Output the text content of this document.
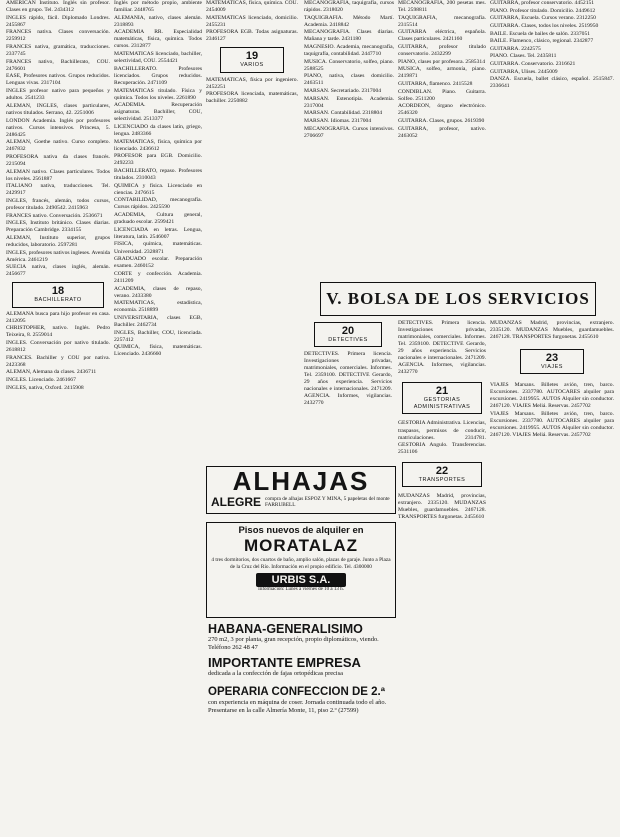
AMERICAN Instituto. Inglés sin profesor. Clases en grupo. Tel. 2434312

INGLES rápido, fácil. Diplomado Londres. 2455867

FRANCES nativa. Clases conversación. 2259912

FRANCES nativa, gramática, traducciones. 2337745

FRANCES nativo, Bachillerato, COU. 2476601

EASE, Profesores nativos. Grupos reducidos. Lenguas vivas. 2317104

INGLES profesor nativo para pequeños y adultos. 2541233

ALEMAN, INGLES, clases particulares, nativos titulados. Serrano, 42. 2251006

LONDON Academia. Inglés por profesores nativos. Cursos intensivos. Princesa, 5. 2486425

ALEMAN, Goethe nativo. Curso completo. 2467832

PROFESORA nativa da clases francés. 2215094

ALEMAN nativo. Clases particulares. Todos los niveles. 2561887

ITALIANO nativa, traducciones. Tel. 2429917

INGLES, francés, alemán, todos cursos, profesor titulado. 2490542. 2415963

FRANCES nativo. Conversación. 2536671

INGLES, Instituto británico. Clases diarias. Preparación Cambridge. 2334155

ALEMAN, Instituto superior, grupos reducidos, laboratorio. 2597281

INGLES, profesores nativos ingleses. Avenida América. 2461219

SUECIA nativa, clases inglés, alemán. 2456677

18
BACHILLERATO

ALEMANA busca para hijo profesor en casa. 2412095

CHRISTOPHER, nativo. Inglés. Pedro Teixeira, 8. 2559014

INGLES. Conversación por nativo titulado. 2618812

FRANCES. Bachiller y COU por nativa. 2423368

ALEMAN, Alemana da clases. 2436711

INGLES. Licenciado. 2461667

INGLES, nativa, Oxford. 2415908

Inglés por método propio, ambiente familiar. 2448765

ALEMANIA, nativo, clases alemán. 2318893

ACADEMIA RR. Especialidad matemáticas, física, química. Todos cursos. 2312877

MATEMATICAS licenciado, bachiller, selectividad, COU. 2554421

BACHILLERATO. Profesores licenciados. Grupos reducidos. Recuperación. 2471109

MATEMATICAS titulado. Física y química. Todos los niveles. 2261890

ACADEMIA. Recuperación asignaturas. Bachiller, COU, selectividad. 2513377

LICENCIADO da clases latín, griego, lengua. 2483366

MATEMATICAS, física, química por licenciado. 2436612

PROFESOR para EGB. Domicilio. 2492233

BACHILLERATO, repaso. Profesores titulados. 2310043

QUIMICA y física. Licenciado en ciencias. 2476615

CONTABILIDAD, mecanografía. Cursos rápidos. 2425590

ACADEMIA, Cultura general, graduado escolar. 2599421

LICENCIADA en letras. Lengua, literatura, latín. 2546007

FISICA, química, matemáticas. Universidad. 2328871

GRADUADO escolar. Preparación examen. 2460152

CORTE y confección. Academia. 2411209

ACADEMIA, clases de repaso, verano. 2433380

MATEMATICAS, estadística, economía. 2518899

UNIVERSITARIA, clases EGB, Bachiller. 2462734

INGLES, Bachiller, COU, licenciada. 2257412

QUIMICA, física, matemáticas. Licenciado. 2436660

MATEMATICAS, física, química. COU. 2454009

MATEMATICAS licenciado, domicilio. 2455231

PROFESORA EGB. Todas asignaturas. 2346127

19
VARIOS

MATEMATICAS, física por ingeniero. 2452251

PROFESORA licenciada, matemáticas, bachiller. 2250882

MECANOGRAFIA, taquigrafía, cursos rápidos. 2318020

TAQUIGRAFIA. Método Martí. Academia. 2418842

MECANOGRAFIA. Clases diarias. Mañana y tarde. 2431180

MAGNESIO. Academia, mecanografía, taquigrafía, contabilidad. 2447710

MUSICA. Conservatorio, solfeo, piano. 2588525

PIANO, nativa, clases domicilio. 2463511

MARSAN. Secretariado. 2317004

MARSAN. Estenotipia. Academia. 2317004

MARSAN. Contabilidad. 2318804

MARSAN. Idiomas. 2317004

MECANOGRAFIA. Cursos intensivos. 2706697

MECANOGRAFIA, 200 pesetas mes. Tel. 2598811

TAQUIGRAFIA, mecanografía. 2315514

GUITARRA eléctrica, española. Clases particulares. 2421160

GUITARRA, profesor titulado conservatorio. 2432299

PIANO, clases por profesora. 2585314

MUSICA, solfeo, armonía, piano. 2419871

GUITARRA, flamenco. 2415528

CONDIBLAN. Piano. Guitarra. Solfeo. 2511200

ACORDEON, órgano electrónico. 2546320

GUITARRA. Clases, grupos. 2619390

GUITARRA, profesor, nativo. 2463052

GUITARRA, profesor conservatorio. 4452151

PIANO. Profesor titulado. Domicilio. 2449612

GUITARRA, Escuela. Cursos verano. 2312250

GUITARRA. Clases, todos los niveles. 2519950

BAILE. Escuela de bailes de salón. 2337051

BAILE. Flamenco, clásico, regional. 2342877

GUITARRA. 2242575

PIANO. Clases. Tel. 2435811

GUITARRA. Conservatorio. 2316621

GUITARRA, Ulises. 2445009

DANZA. Escuela, ballet clásico, español. 2515847. 2336641

V. BOLSA DE LOS SERVICIOS
20
DETECTIVES

DETECTIVES. Primera licencia. Investigaciones privadas, matrimoniales, comerciales. Informes. Tel. 2359100. DETECTIVE Gerardo, 29 años experiencia. Servicios nacionales e internacionales. 2471209. AGENCIA. Informes, vigilancias. 2432770

DETECTIVES. Primera licencia. Investigaciones privadas, matrimoniales, comerciales. Informes. Tel. 2359100. DETECTIVE Gerardo, 29 años experiencia. Servicios nacionales e internacionales. 2471209. AGENCIA. Informes, vigilancias. 2432770

21
GESTORIAS ADMINISTRATIVAS

GESTORIA Administrativa. Licencias, traspasos, permisos de conducir, matriculaciones. 2314781. GESTORIA Angulo. Transferencias. 2531106

22
TRANSPORTES

MUDANZAS Madrid, provincias, extranjero. 2335120. MUDANZAS Muebles, guardamuebles. 2467128. TRANSPORTES furgonetas. 2455610

MUDANZAS Madrid, provincias, extranjero. 2335120. MUDANZAS Muebles, guardamuebles. 2467128. TRANSPORTES furgonetas. 2455610

23
VIAJES

VIAJES Marsans. Billetes avión, tren, barco. Excursiones. 2337780. AUTOCARES alquiler para excursiones. 2419955. AUTOS Alquiler sin conductor. 2467120. VIAJES Meliá. Reservas. 2457702

VIAJES Marsans. Billetes avión, tren, barco. Excursiones. 2337780. AUTOCARES alquiler para excursiones. 2419955. AUTOS Alquiler sin conductor. 2467120. VIAJES Meliá. Reservas. 2457702

ALHAJAS
ALEGRE compra de alhajas ESPOZ Y MINA, 5 papeletas del monte FARRUBELL
Pisos nuevos de alquiler en
MORATALAZ
4 tres dormitorios, dos cuartos de baño, amplio salón, plazas de garaje. Junto a Plaza de la Cruz del Río. Información en el propio edificio. Tel. 4300000
URBIS S.A.
Información: Lunes a viernes de 10 a 13 h.
HABANA-GENERALISIMO
270 m2, 3 por planta, gran recepción, propio diplomáticos, viendo. Teléfono 262 48 47
IMPORTANTE EMPRESA
dedicada a la confección de fajas ortopédicas precisa
OPERARIA CONFECCION DE 2.ª
con experiencia en máquina de coser. Jornada continuada todo el año. Presentarse en la calle Almería Monte, 11, piso 2.º (27599)
